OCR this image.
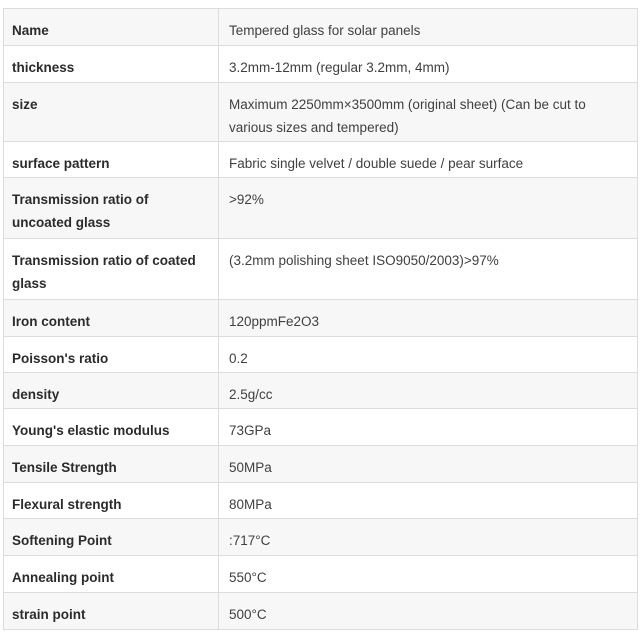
Name	Tempered glass for solar panels
thickness	3.2mm-12mm (regular 3.2mm, 4mm)
size	Maximum 2250mm×3500mm (original sheet) (Can be cut to various sizes and tempered)
surface pattern	Fabric single velvet / double suede / pear surface
Transmission ratio of uncoated glass	>92%
Transmission ratio of coated glass	(3.2mm polishing sheet ISO9050/2003)>97%
Iron content	120ppmFe2O3
Poisson's ratio	0.2
density	2.5g/cc
Young's elastic modulus	73GPa
Tensile Strength	50MPa
Flexural strength	80MPa
Softening Point	:717°C
Annealing point	550°C
strain point	500°C
